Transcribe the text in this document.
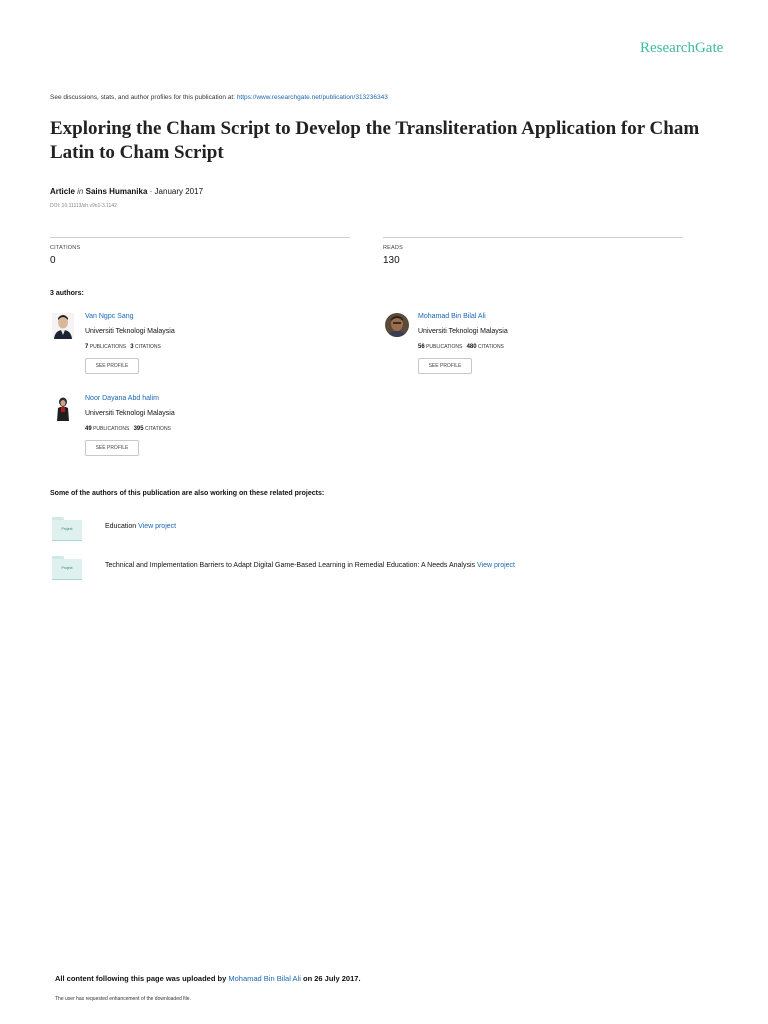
ResearchGate
See discussions, stats, and author profiles for this publication at: https://www.researchgate.net/publication/313236343
Exploring the Cham Script to Develop the Transliteration Application for Cham Latin to Cham Script
Article in Sains Humanika · January 2017
DOI: 10.11113/sh.v9n1-3.1142
CITATIONS
0
READS
130
3 authors:
Van Ngpc Sang
Universiti Teknologi Malaysia
7 PUBLICATIONS 3 CITATIONS
SEE PROFILE
Mohamad Bin Bilal Ali
Universiti Teknologi Malaysia
56 PUBLICATIONS 480 CITATIONS
SEE PROFILE
Noor Dayana Abd halim
Universiti Teknologi Malaysia
49 PUBLICATIONS 395 CITATIONS
SEE PROFILE
Some of the authors of this publication are also working on these related projects:
Project	Education View project
Project	Technical and Implementation Barriers to Adapt Digital Game-Based Learning in Remedial Education: A Needs Analysis View project
All content following this page was uploaded by Mohamad Bin Bilal Ali on 26 July 2017.
The user has requested enhancement of the downloaded file.
